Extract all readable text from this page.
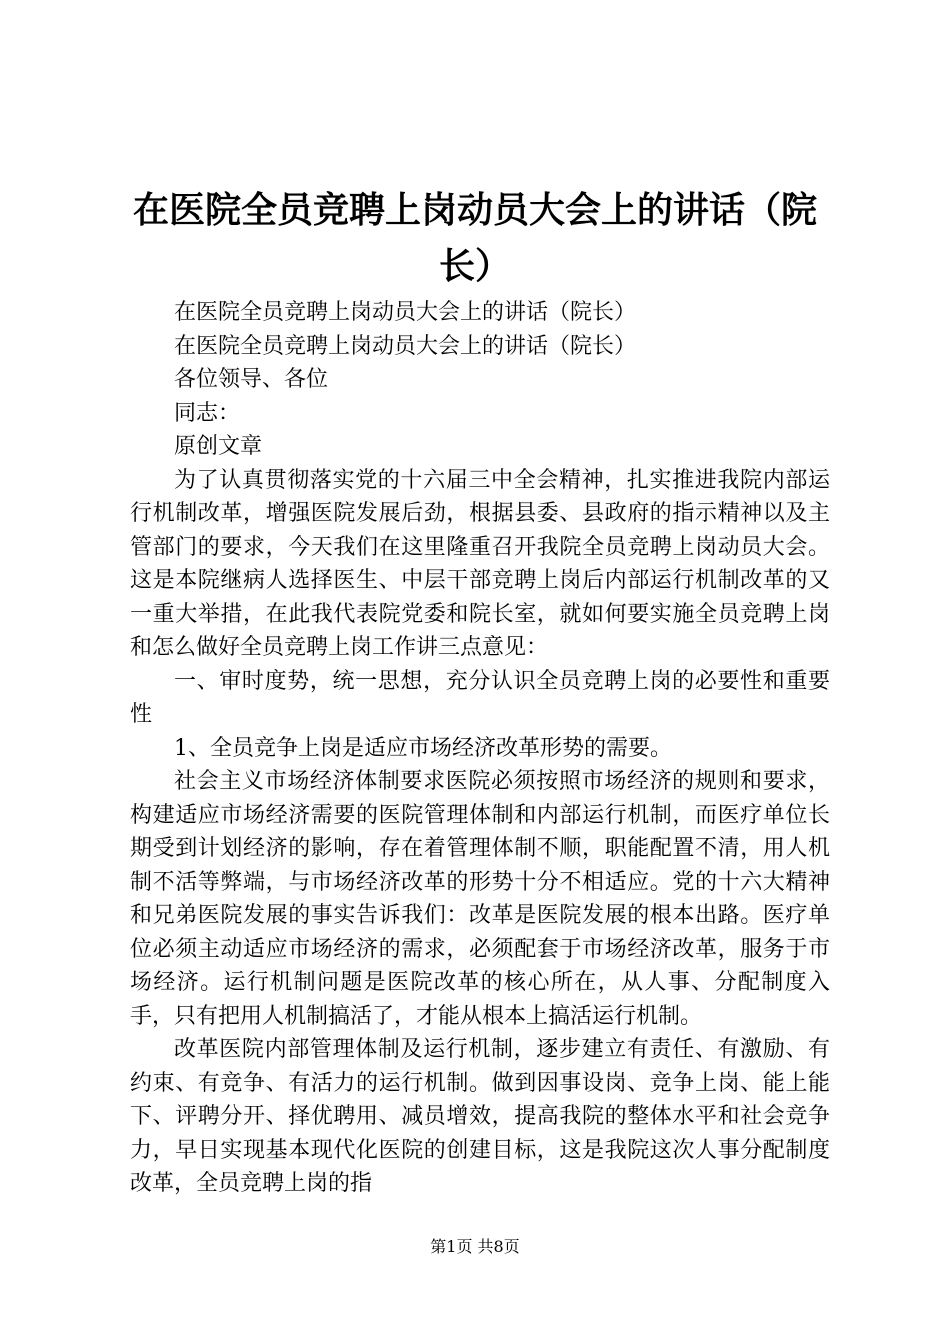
在医院全员竞聘上岗动员大会上的讲话（院长）

在医院全员竞聘上岗动员大会上的讲话（院长）

在医院全员竞聘上岗动员大会上的讲话（院长）

各位领导、各位

同志：

原创文章

为了认真贯彻落实党的十六届三中全会精神，扎实推进我院内部运行机制改革，增强医院发展后劲，根据县委、县政府的指示精神以及主管部门的要求，今天我们在这里隆重召开我院全员竞聘上岗动员大会。这是本院继病人选择医生、中层干部竞聘上岗后内部运行机制改革的又一重大举措，在此我代表院党委和院长室，就如何要实施全员竞聘上岗和怎么做好全员竞聘上岗工作讲三点意见：

一、审时度势，统一思想，充分认识全员竞聘上岗的必要性和重要性

1、全员竞争上岗是适应市场经济改革形势的需要。

社会主义市场经济体制要求医院必须按照市场经济的规则和要求，构建适应市场经济需要的医院管理体制和内部运行机制，而医疗单位长期受到计划经济的影响，存在着管理体制不顺，职能配置不清，用人机制不活等弊端，与市场经济改革的形势十分不相适应。党的十六大精神和兄弟医院发展的事实告诉我们：改革是医院发展的根本出路。医疗单位必须主动适应市场经济的需求，必须配套于市场经济改革，服务于市场经济。运行机制问题是医院改革的核心所在，从人事、分配制度入手，只有把用人机制搞活了，才能从根本上搞活运行机制。

改革医院内部管理体制及运行机制，逐步建立有责任、有激励、有约束、有竞争、有活力的运行机制。做到因事设岗、竞争上岗、能上能下、评聘分开、择优聘用、减员增效，提高我院的整体水平和社会竞争力，早日实现基本现代化医院的创建目标，这是我院这次人事分配制度改革，全员竞聘上岗的指

第1页 共8页
